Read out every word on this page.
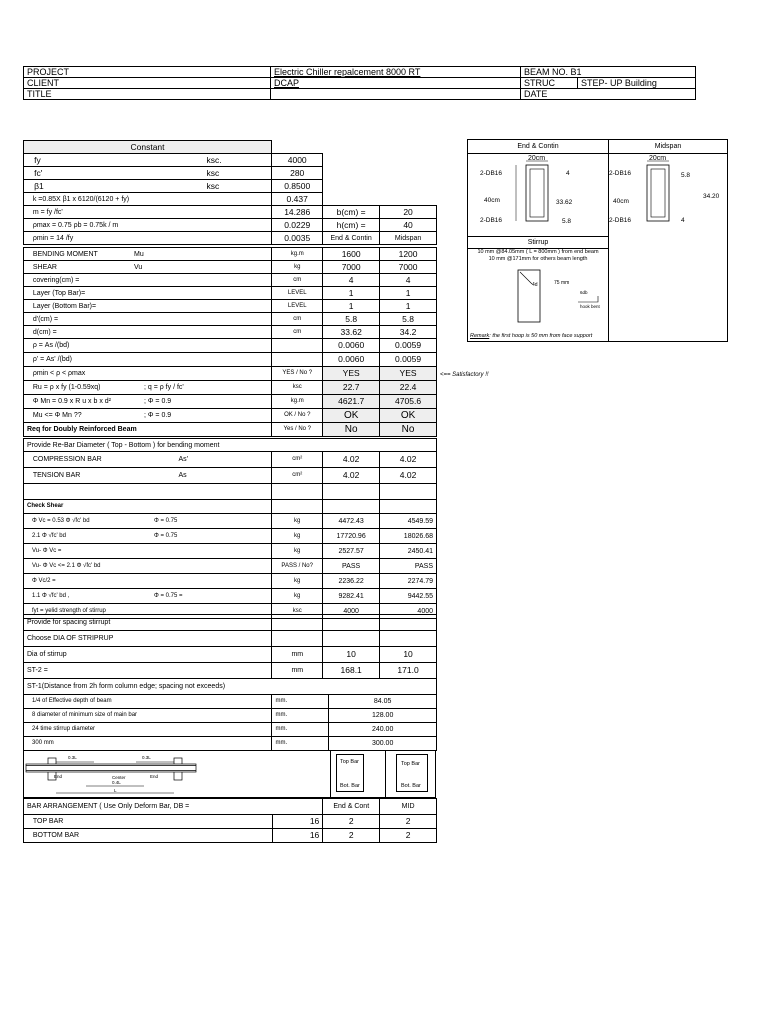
PROJECT	Electric Chiller repalcement 8000 RT	BEAM NO. B1	
CLIENT	DCAP	STRUC	STEP- UP Building
TITLE		DATE	
Constant
fy ksc.	4000		
fc' ksc	280		
β1 ksc	0.8500		
k =0.85X β1 x 6120/(6120 + fy)	0.437		
m = fy /fc'	14.286	b(cm) =	20
ρmax = 0.75 ρb = 0.75k / m	0.0229	h(cm) =	40
ρmin = 14 /fy	0.0035	End & Contin	Midspan
BENDING MOMENT Mu	kg.m	1600	1200
SHEAR Vu	kg	7000	7000
covering(cm) =	cm	4	4
Layer (Top Bar)=	LEVEL	1	1
Layer (Bottom Bar)=	LEVEL	1	1
d'(cm) =	cm	5.8	5.8
d(cm) =	cm	33.62	34.2
ρ = As /(bd)		0.0060	0.0059
ρ' = As' /(bd)		0.0060	0.0059
ρmin < ρ < ρmax	YES / No ?	YES	YES
Ru = ρ x fy (1-0.59xq) ; q = ρ fy / fc'	ksc	22.7	22.4
Φ Mn = 0.9 x R u x b x d² ; Φ = 0.9	kg.m	4621.7	4705.6
Mu <= Φ Mn ?? ; Φ = 0.9	OK / No ?	OK	OK
Req for Doubly Reinforced Beam	Yes / No ?	No	No
<== Satisfactory !!
Provide Re-Bar Diameter ( Top - Bottom ) for bending moment			
COMPRESSION BAR As'	cm²	4.02	4.02
TENSION BAR As	cm²	4.02	4.02

Check Shear			
Φ Vc = 0.53 Φ √fc' bd Φ = 0.75	kg	4472.43	4549.59
2.1 Φ √fc' bd Φ = 0.75	kg	17720.96	18026.68
Vu- Φ Vc =	kg	2527.57	2450.41
Vu- Φ Vc <= 2.1 Φ √fc' bd	PASS / No?	PASS	PASS
Φ Vc/2 =	kg	2236.22	2274.79
1.1 Φ √fc' bd , Φ = 0.75 =	kg	9282.41	9442.55
fyt = yelid strength of stirrup	ksc	4000	4000
Provide for spacing stirrupt			
Choose DIA OF STRIPRUP			
Dia of stirrup	mm	10	10
ST-2 =	mm	168.1	171.0
ST-1(Distance from 2h form column edge; spacing not exceeds)			
1/4 of Effective depth of beam	mm.	84.05
8 diameter of minimum size of main bar	mm.	128.00
24 time stirrup diameter	mm.	240.00
300 mm	mm.	300.00
0.3L	0.3L
End	Center	End
0.4L
L
Top Bar
Bot. Bar
Top Bar
Bot. Bar
BAR ARRANGEMENT ( Use Only Deform Bar, DB =		End & Cont	MID
TOP BAR	16	2	2
BOTTOM BAR	16	2	2
End & Contin	Midspan
20cm
2-DB16
2-DB16
40cm	33.62
5.8
4
20cm
2-DB16
2-DB16
40cm
34.20
5.8
4
Stirrup
10 mm @84.05mm ( L = 800mm ) from end beam
10 mm @171mm for others beam length
4d	75 mm
6db
hook bent
Remark: the first hoop is 50 mm from face support
